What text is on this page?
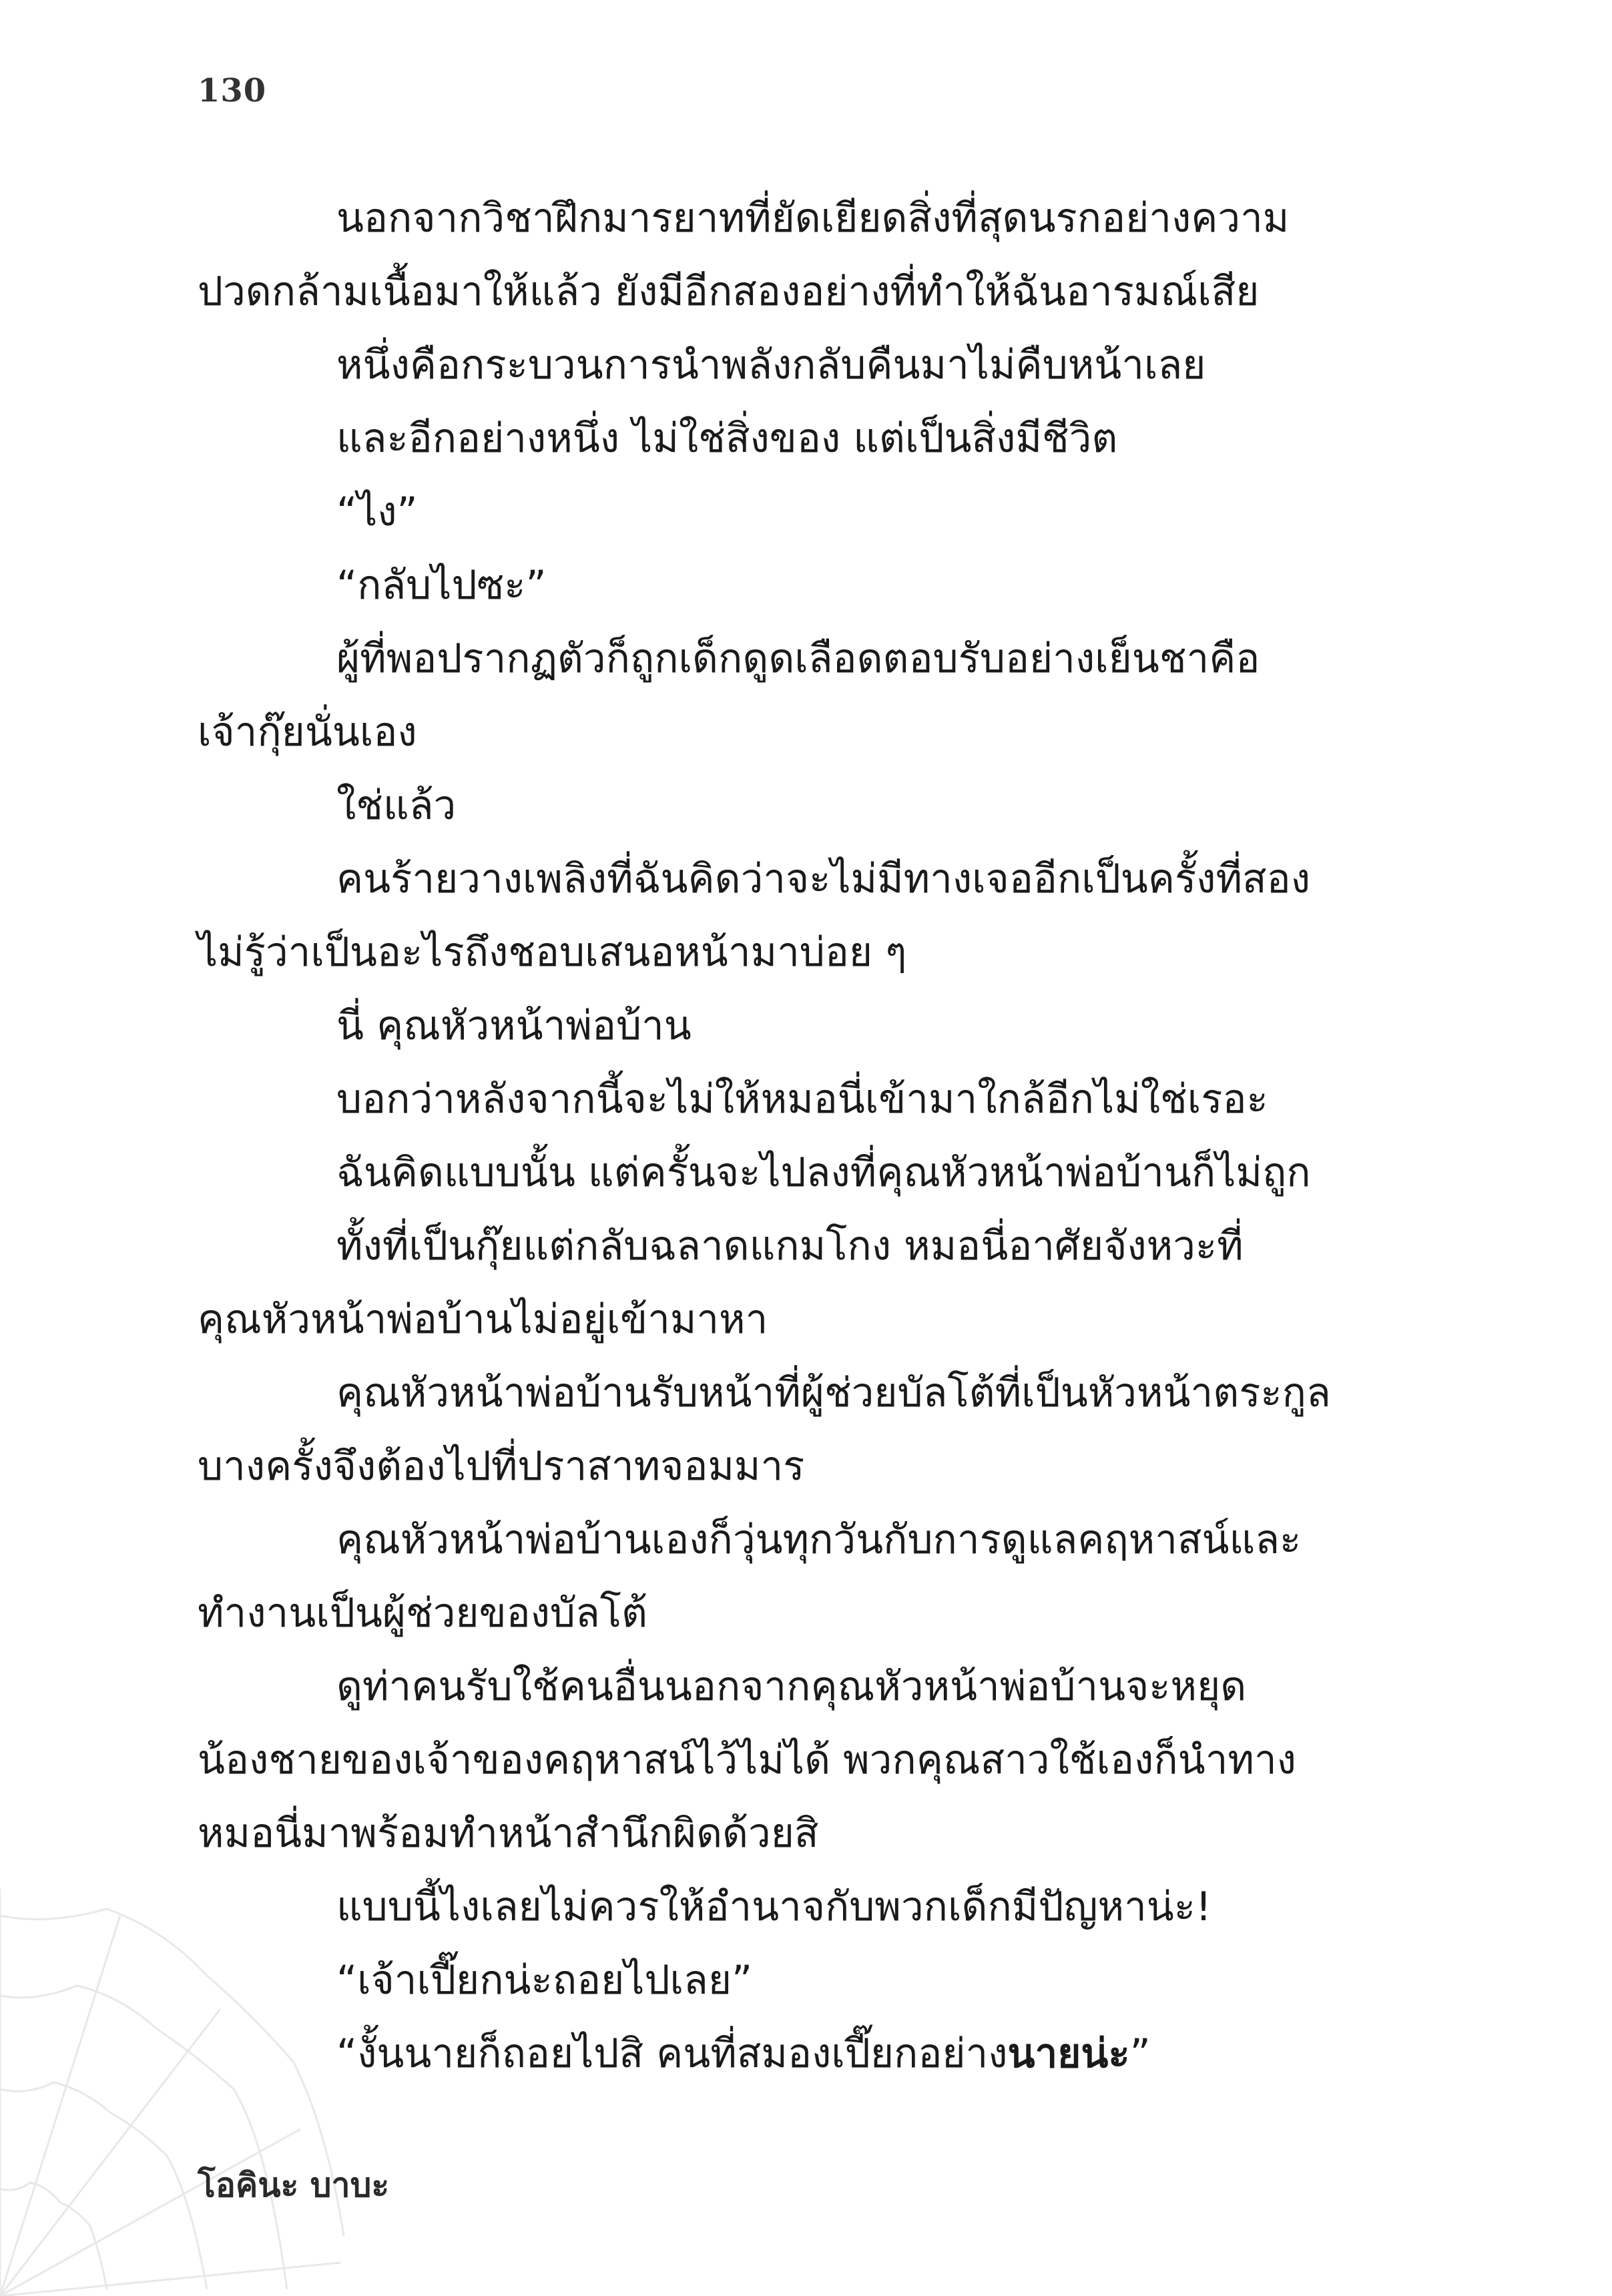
130
นอกจากวิชาฝึกมารยาทที่ยัดเยียดสิ่งที่สุดนรกอย่างความ
ปวดกล้ามเนื้อมาให้แล้ว ยังมีอีกสองอย่างที่ทำให้ฉันอารมณ์เสีย
หนึ่งคือกระบวนการนำพลังกลับคืนมาไม่คืบหน้าเลย
และอีกอย่างหนึ่ง ไม่ใช่สิ่งของ แต่เป็นสิ่งมีชีวิต
“ไง”
“กลับไปซะ”
ผู้ที่พอปรากฏตัวก็ถูกเด็กดูดเลือดตอบรับอย่างเย็นชาคือ
เจ้ากุ๊ยนั่นเอง
ใช่แล้ว
คนร้ายวางเพลิงที่ฉันคิดว่าจะไม่มีทางเจออีกเป็นครั้งที่สอง
ไม่รู้ว่าเป็นอะไรถึงชอบเสนอหน้ามาบ่อย ๆ
นี่ คุณหัวหน้าพ่อบ้าน
บอกว่าหลังจากนี้จะไม่ให้หมอนี่เข้ามาใกล้อีกไม่ใช่เรอะ
ฉันคิดแบบนั้น แต่ครั้นจะไปลงที่คุณหัวหน้าพ่อบ้านก็ไม่ถูก
ทั้งที่เป็นกุ๊ยแต่กลับฉลาดแกมโกง หมอนี่อาศัยจังหวะที่
คุณหัวหน้าพ่อบ้านไม่อยู่เข้ามาหา
คุณหัวหน้าพ่อบ้านรับหน้าที่ผู้ช่วยบัลโต้ที่เป็นหัวหน้าตระกูล
บางครั้งจึงต้องไปที่ปราสาทจอมมาร
คุณหัวหน้าพ่อบ้านเองก็วุ่นทุกวันกับการดูแลคฤหาสน์และ
ทำงานเป็นผู้ช่วยของบัลโต้
ดูท่าคนรับใช้คนอื่นนอกจากคุณหัวหน้าพ่อบ้านจะหยุด
น้องชายของเจ้าของคฤหาสน์ไว้ไม่ได้ พวกคุณสาวใช้เองก็นำทาง
หมอนี่มาพร้อมทำหน้าสำนึกผิดด้วยสิ
แบบนี้ไงเลยไม่ควรให้อำนาจกับพวกเด็กมีปัญหาน่ะ!
“เจ้าเปี๊ยกน่ะถอยไปเลย”
“งั้นนายก็ถอยไปสิ คนที่สมองเปี๊ยกอย่างนายน่ะ”
โอคินะ บาบะ
